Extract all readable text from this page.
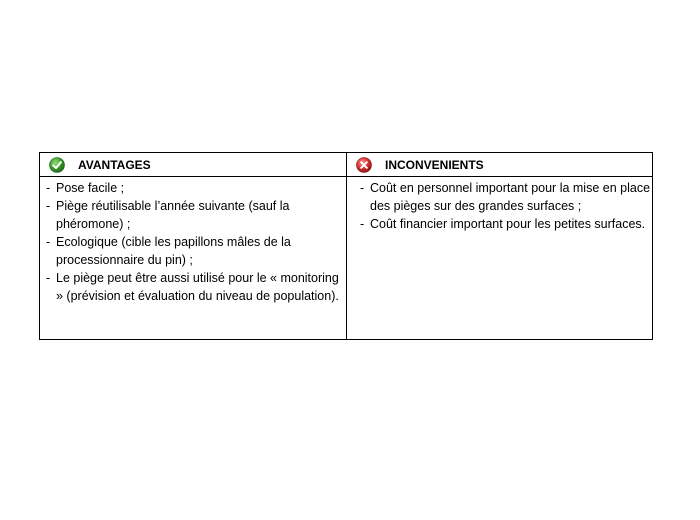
AVANTAGES	INCONVENIENTS
- Pose facile ;
- Piège réutilisable l’année suivante (sauf la phéromone) ;
- Ecologique (cible les papillons mâles de la processionnaire du pin) ;
- Le piège peut être aussi utilisé pour le « monitoring » (prévision et évaluation du niveau de population).
- Coût en personnel important pour la mise en place des pièges sur des grandes surfaces ;
- Coût financier important pour les petites surfaces.
